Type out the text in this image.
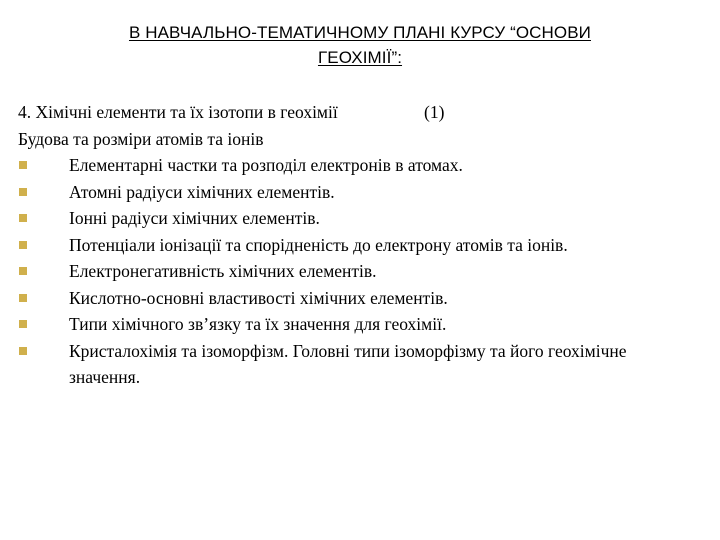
В НАВЧАЛЬНО-ТЕМАТИЧНОМУ ПЛАНІ КУРСУ “ОСНОВИ
ГЕОХІМІЇ”:
4. Хімічні елементи та їх ізотопи в геохімії	(1)
Будова та розміри атомів та іонів
Елементарні частки та розподіл електронів в атомах.
Атомні радіуси хімічних елементів.
Іонні радіуси хімічних елементів.
Потенціали іонізації та спорідненість до електрону атомів та іонів.
Електронегативність хімічних елементів.
Кислотно-основні властивості хімічних елементів.
Типи хімічного зв’язку та їх значення для геохімії.
Кристалохімія та ізоморфізм. Головні типи ізоморфізму та його геохімічне значення.
